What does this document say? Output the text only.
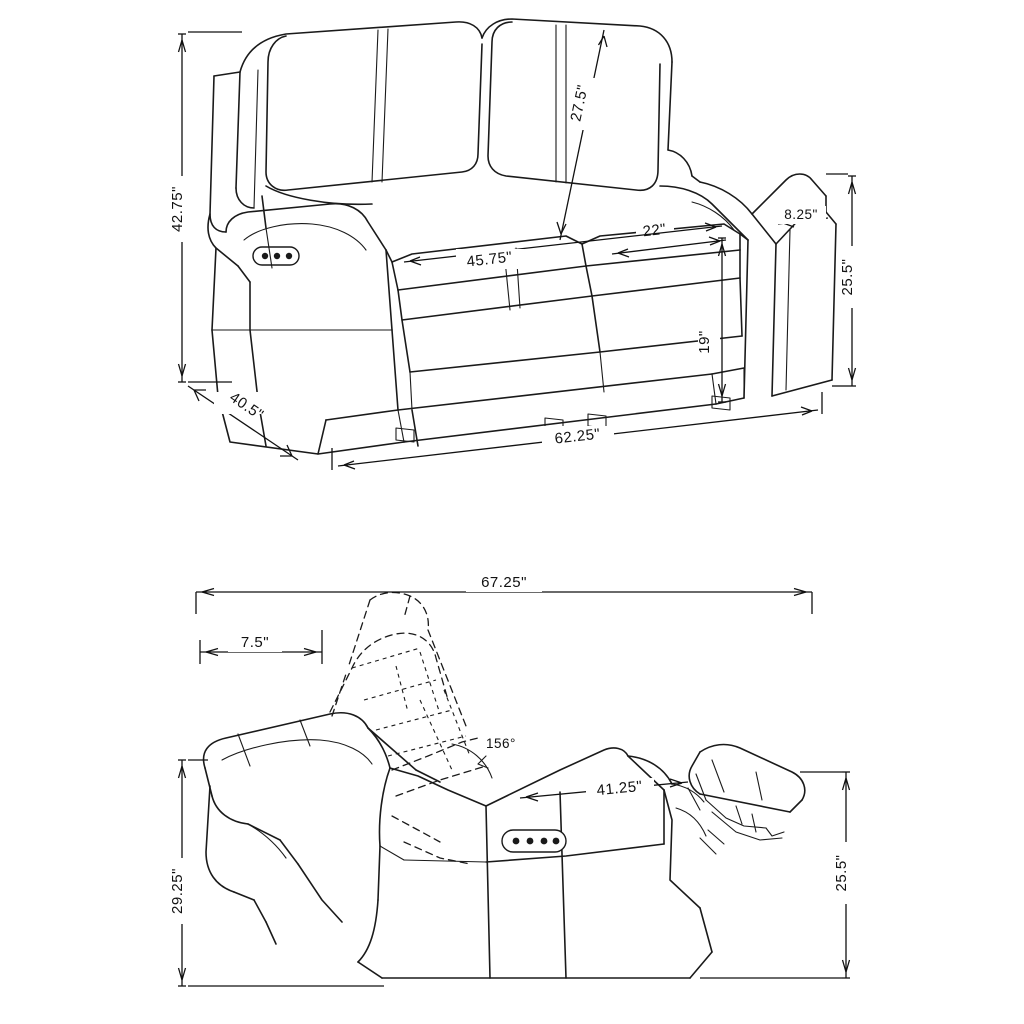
42.75"
27.5"
22"
8.25"
25.5"
45.75"
19"
40.5"
62.25"
67.25"
7.5"
156°
41.25"
29.25"	25.5"
